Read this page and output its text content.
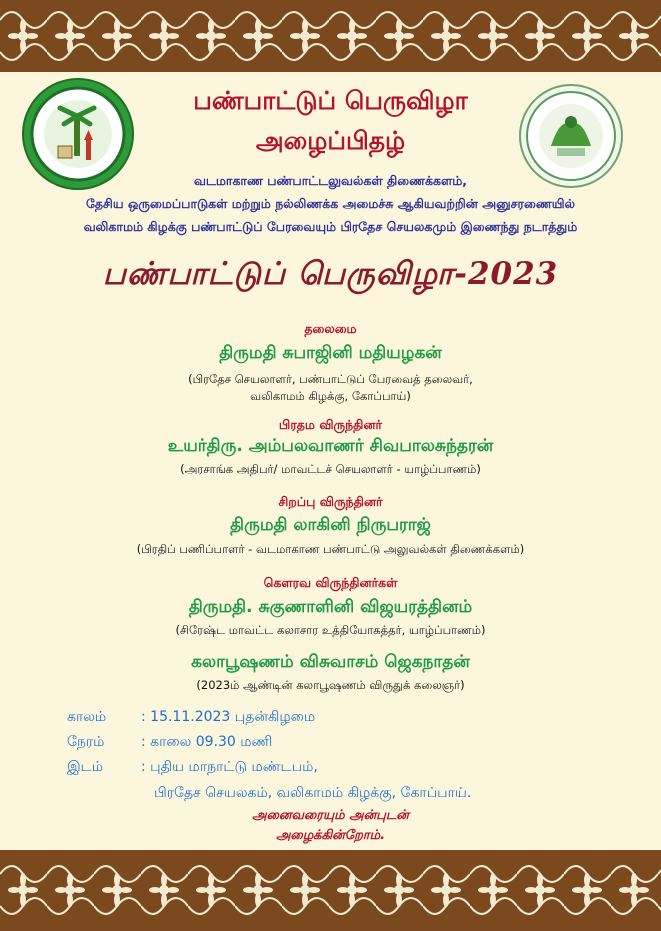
பண்பாட்டுப் பெருவிழா
அழைப்பிதழ்
வடமாகாண பண்பாட்டலுவல்கள் திணைக்களம்,
தேசிய ஒருமைப்பாடுகள் மற்றும் நல்லிணக்க அமைச்சு ஆகியவற்றின் அனுசரணையில்
வலிகாமம் கிழக்கு பண்பாட்டுப் பேரவையும் பிரதேச செயலகமும் இணைந்து நடாத்தும்
பண்பாட்டுப் பெருவிழா-2023
தலைமை
திருமதி சுபாஜினி மதியழகன்
(பிரதேச செயலாளர், பண்பாட்டுப் பேரவைத் தலைவர்,
வலிகாமம் கிழக்கு, கோப்பாய்)
பிரதம விருந்தினர்
உயர்திரு. அம்பலவாணர் சிவபாலசுந்தரன்
(அரசாங்க அதிபர்/ மாவட்டச் செயலாளர் - யாழ்ப்பாணம்)
சிறப்பு விருந்தினர்
திருமதி லாகினி நிருபராஜ்
(பிரதிப் பணிப்பாளர் - வடமாகாண பண்பாட்டு அலுவல்கள் திணைக்களம்)
கௌரவ விருந்தினர்கள்
திருமதி. சுகுணாளினி விஜயரத்தினம்
(சிரேஷ்ட மாவட்ட கலாசார உத்தியோகத்தர், யாழ்ப்பாணம்)
கலாபூஷணம் விசுவாசம் ஜெகநாதன்
(2023ம் ஆண்டின் கலாபூஷணம் விருதுக் கலைஞர்)
காலம் : 15.11.2023 புதன்கிழமை
நேரம்	: காலை 09.30 மணி
இடம்	: புதிய மாநாட்டு மண்டபம்,
பிரதேச செயலகம், வலிகாமம் கிழக்கு, கோப்பாய்.
அனைவரையும் அன்புடன்
அழைக்கின்றோம்.
